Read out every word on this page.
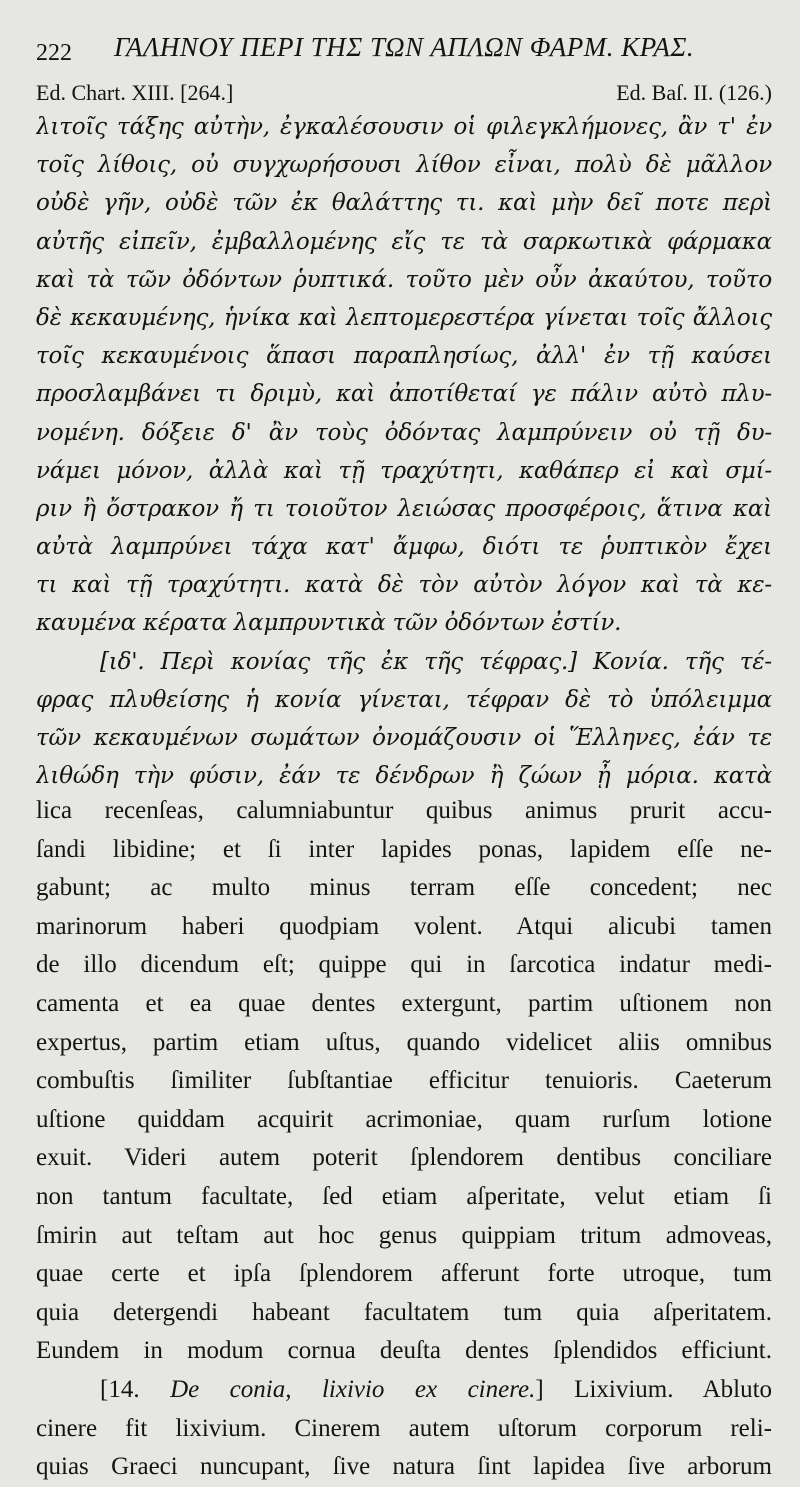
222 ΓΑΛΗΝΟΥ ΠΕΡΙ ΤΗΣ ΤΩΝ ΑΠΛΩΝ ΦΑΡΜ. ΚΡΑΣ.
Ed. Chart. XIII. [264.]	Ed. Baſ. II. (126.)
λιτοῖς τάξης αὐτὴν, ἐγκαλέσουσιν οἱ φιλεγκλήμονες, ἂν τ' ἐν
τοῖς λίθοις, οὐ συγχωρήσουσι λίθον εἶναι, πολὺ δὲ μᾶλλον
οὐδὲ γῆν, οὐδὲ τῶν ἐκ θαλάττης τι. καὶ μὴν δεῖ ποτε περὶ
αὐτῆς εἰπεῖν, ἐμβαλλομένης εἴς τε τὰ σαρκωτικὰ φάρμακα
καὶ τὰ τῶν ὀδόντων ῥυπτικά. τοῦτο μὲν οὖν ἀκαύτου, τοῦτο
δὲ κεκαυμένης, ἡνίκα καὶ λεπτομερεστέρα γίνεται τοῖς ἄλλοις
τοῖς κεκαυμένοις ἅπασι παραπλησίως, ἀλλ' ἐν τῇ καύσει
προσλαμβάνει τι δριμὺ, καὶ ἀποτίθεταί γε πάλιν αὐτὸ πλυ-
νομένη. δόξειε δ' ἂν τοὺς ὀδόντας λαμπρύνειν οὐ τῇ δυ-
νάμει μόνον, ἀλλὰ καὶ τῇ τραχύτητι, καθάπερ εἰ καὶ σμί-
ριν ἢ ὄστρακον ἤ τι τοιοῦτον λειώσας προσφέροις, ἅτινα καὶ
αὐτὰ λαμπρύνει τάχα κατ' ἄμφω, διότι τε ῥυπτικὸν ἔχει
τι καὶ τῇ τραχύτητι. κατὰ δὲ τὸν αὐτὸν λόγον καὶ τὰ κε-
καυμένα κέρατα λαμπρυντικὰ τῶν ὀδόντων ἐστίν.
[ιδ'. Περὶ κονίας τῆς ἐκ τῆς τέφρας.] Κονία. τῆς τέ-
φρας πλυθείσης ἡ κονία γίνεται, τέφραν δὲ τὸ ὑπόλειμμα
τῶν κεκαυμένων σωμάτων ὀνομάζουσιν οἱ Ἕλληνες, ἐάν τε
λιθώδη τὴν φύσιν, ἐάν τε δένδρων ἢ ζώων ᾖ μόρια. κατὰ
lica recenſeas, calumniabuntur quibus animus prurit accu-
ſandi libidine; et ſi inter lapides ponas, lapidem eſſe ne-
gabunt; ac multo minus terram eſſe concedent; nec
marinorum haberi quodpiam volent. Atqui alicubi tamen
de illo dicendum eſt; quippe qui in ſarcotica indatur medi-
camenta et ea quae dentes extergunt, partim uſtionem non
expertus, partim etiam uſtus, quando videlicet aliis omnibus
combuſtis ſimiliter ſubſtantiae efficitur tenuioris. Caeterum
uſtione quiddam acquirit acrimoniae, quam rurſum lotione
exuit. Videri autem poterit ſplendorem dentibus conciliare
non tantum facultate, ſed etiam aſperitate, velut etiam ſi
ſmirin aut teſtam aut hoc genus quippiam tritum admoveas,
quae certe et ipſa ſplendorem afferunt forte utroque, tum
quia detergendi habeant facultatem tum quia aſperitatem.
Eundem in modum cornua deuſta dentes ſplendidos efficiunt.
[14. De conia, lixivio ex cinere.] Lixivium. Abluto
cinere fit lixivium. Cinerem autem uſtorum corporum reli-
quias Graeci nuncupant, ſive natura ſint lapidea ſive arborum
